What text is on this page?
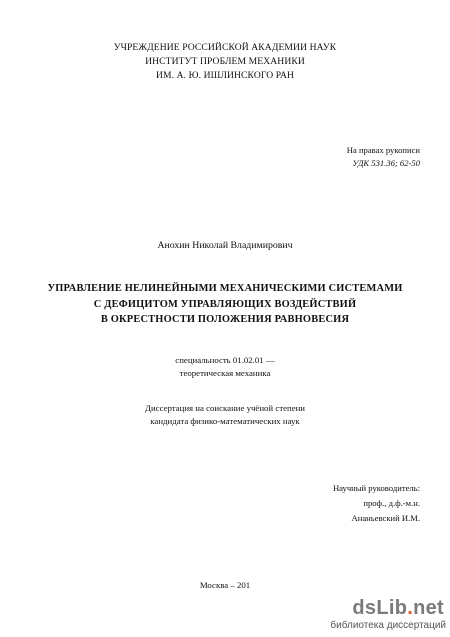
УЧРЕЖДЕНИЕ РОССИЙСКОЙ АКАДЕМИИ НАУК
ИНСТИТУТ ПРОБЛЕМ МЕХАНИКИ
ИМ. А. Ю. ИШЛИНСКОГО РАН
На правах рукописи
УДК 531.36; 62-50
Анохин Николай Владимирович
УПРАВЛЕНИЕ НЕЛИНЕЙНЫМИ МЕХАНИЧЕСКИМИ СИСТЕМАМИ
С ДЕФИЦИТОМ УПРАВЛЯЮЩИХ ВОЗДЕЙСТВИЙ
В ОКРЕСТНОСТИ ПОЛОЖЕНИЯ РАВНОВЕСИЯ
специальность 01.02.01 —
теоретическая механика
Диссертация на соискание учёной степени
кандидата физико-математических наук
Научный руководитель:
проф., д.ф.-м.н.
Ананьевский И.М.
Москва – 201
dsLib.net
библиотека диссертаций
